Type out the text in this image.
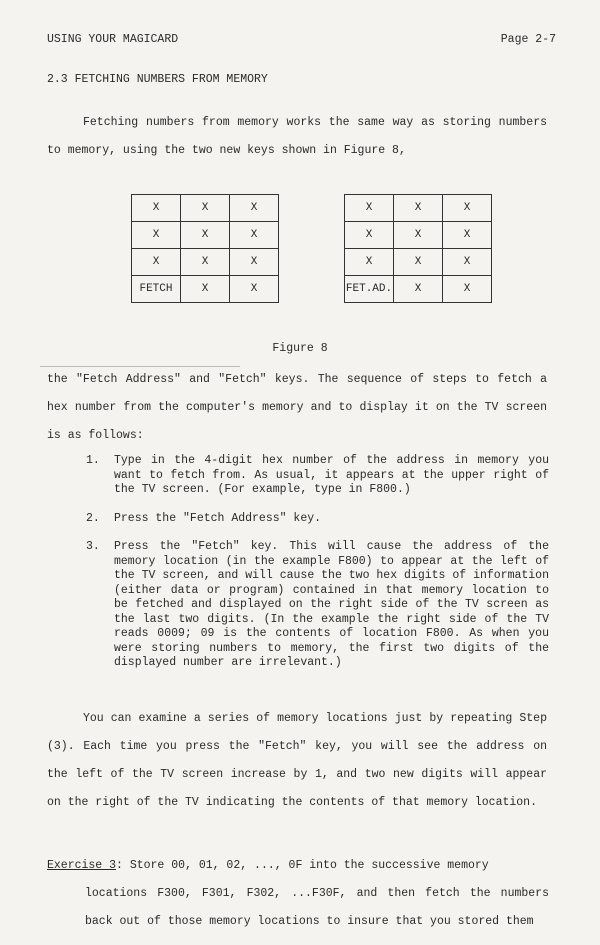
USING YOUR MAGICARD	Page 2-7
2.3 FETCHING NUMBERS FROM MEMORY
Fetching numbers from memory works the same way as storing numbers to memory, using the two new keys shown in Figure 8,
X	X	X
X	X	X
X	X	X
FETCH	X	X
X	X	X
X	X	X
X	X	X
FET.AD.	X	X
Figure 8
the "Fetch Address" and "Fetch" keys. The sequence of steps to fetch a hex number from the computer's memory and to display it on the TV screen is as follows:
1. Type in the 4-digit hex number of the address in memory you want to fetch from. As usual, it appears at the upper right of the TV screen. (For example, type in F800.)
2. Press the "Fetch Address" key.
3. Press the "Fetch" key. This will cause the address of the memory location (in the example F800) to appear at the left of the TV screen, and will cause the two hex digits of information (either data or program) contained in that memory location to be fetched and displayed on the right side of the TV screen as the last two digits. (In the example the right side of the TV reads 0009; 09 is the contents of location F800. As when you were storing numbers to memory, the first two digits of the displayed number are irrelevant.)
You can examine a series of memory locations just by repeating Step (3). Each time you press the "Fetch" key, you will see the address on the left of the TV screen increase by 1, and two new digits will appear on the right of the TV indicating the contents of that memory location.
Exercise 3: Store 00, 01, 02, ..., 0F into the successive memory
locations F300, F301, F302, ...F30F, and then fetch the numbers back out of those memory locations to insure that you stored them
